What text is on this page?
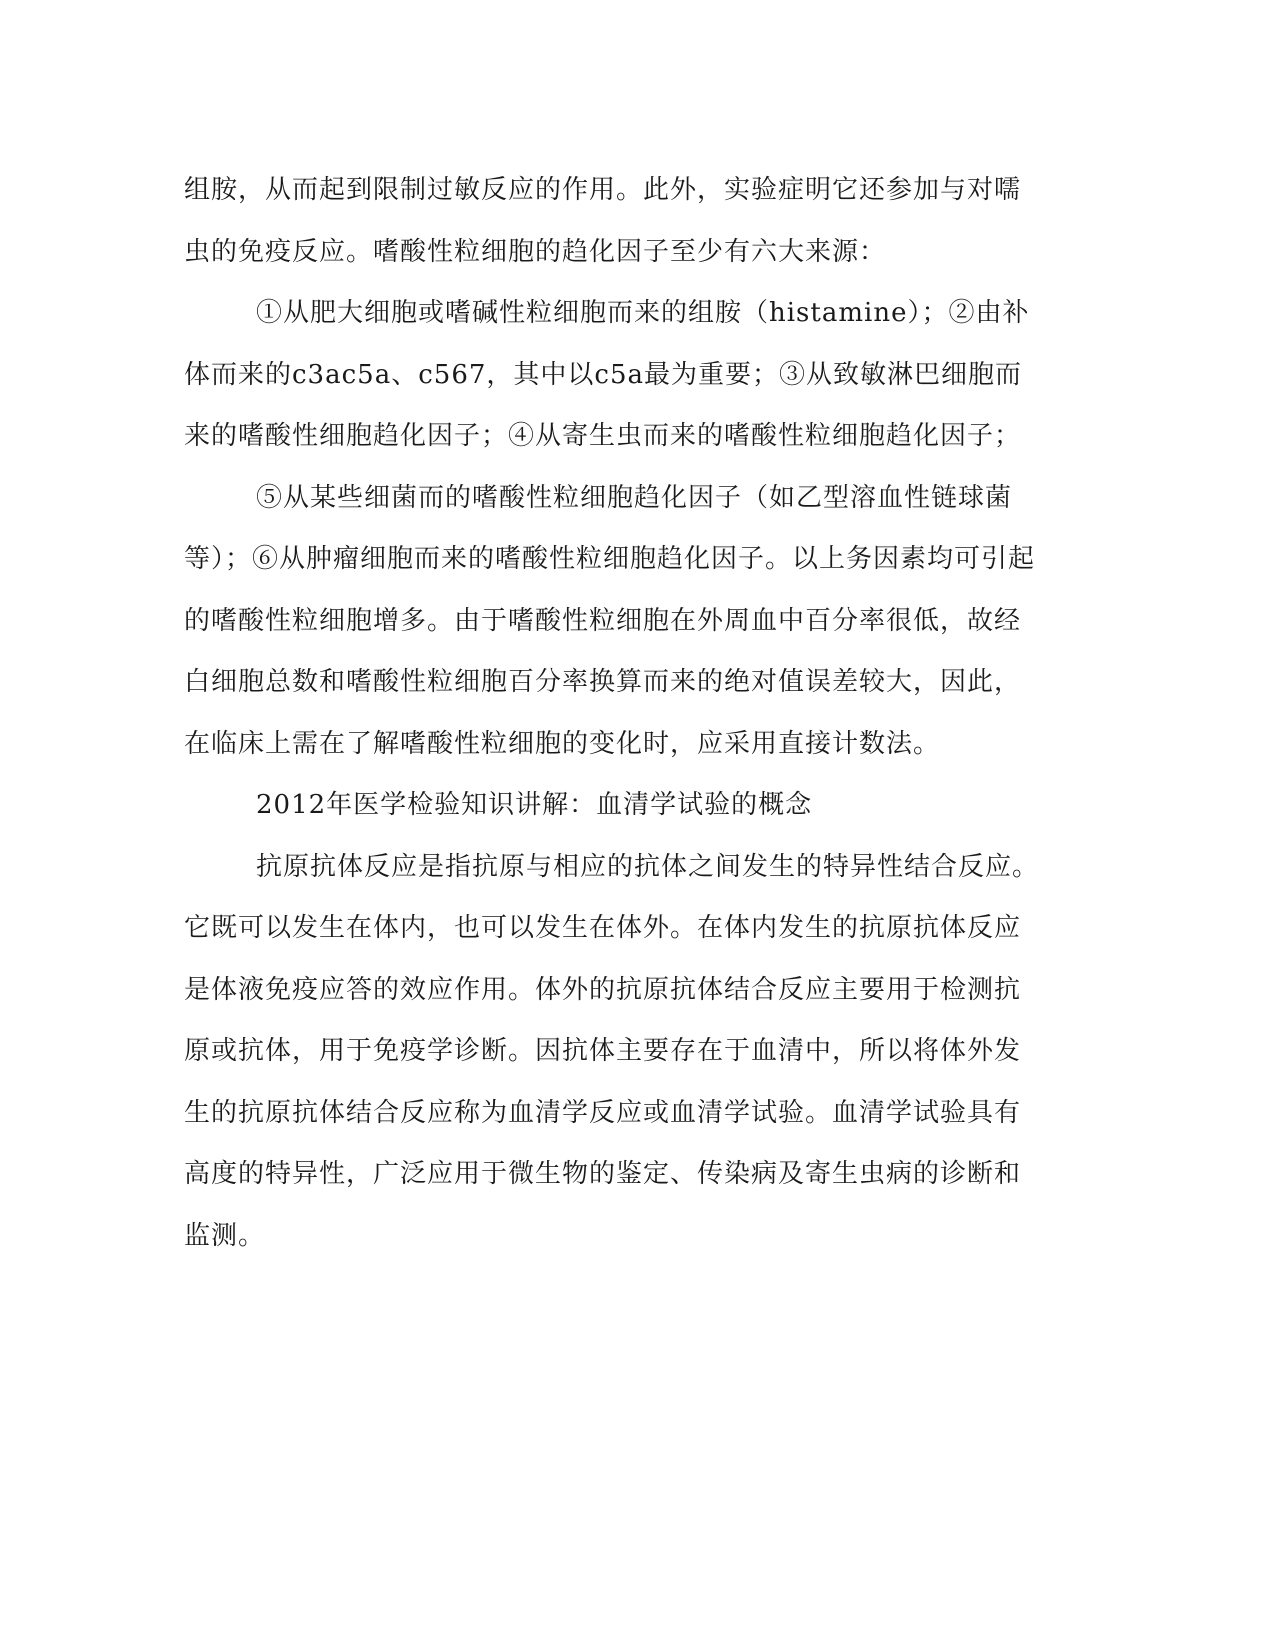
组胺，从而起到限制过敏反应的作用。此外，实验症明它还参加与对嚅虫的免疫反应。嗜酸性粒细胞的趋化因子至少有六大来源：

①从肥大细胞或嗜碱性粒细胞而来的组胺（histamine）；②由补体而来的c3ac5a、c567，其中以c5a最为重要；③从致敏淋巴细胞而来的嗜酸性细胞趋化因子；④从寄生虫而来的嗜酸性粒细胞趋化因子；

⑤从某些细菌而的嗜酸性粒细胞趋化因子（如乙型溶血性链球菌等）；⑥从肿瘤细胞而来的嗜酸性粒细胞趋化因子。以上务因素均可引起的嗜酸性粒细胞增多。由于嗜酸性粒细胞在外周血中百分率很低，故经白细胞总数和嗜酸性粒细胞百分率换算而来的绝对值误差较大，因此，在临床上需在了解嗜酸性粒细胞的变化时，应采用直接计数法。

2012年医学检验知识讲解：血清学试验的概念

抗原抗体反应是指抗原与相应的抗体之间发生的特异性结合反应。它既可以发生在体内，也可以发生在体外。在体内发生的抗原抗体反应是体液免疫应答的效应作用。体外的抗原抗体结合反应主要用于检测抗原或抗体，用于免疫学诊断。因抗体主要存在于血清中，所以将体外发生的抗原抗体结合反应称为血清学反应或血清学试验。血清学试验具有高度的特异性，广泛应用于微生物的鉴定、传染病及寄生虫病的诊断和监测。
